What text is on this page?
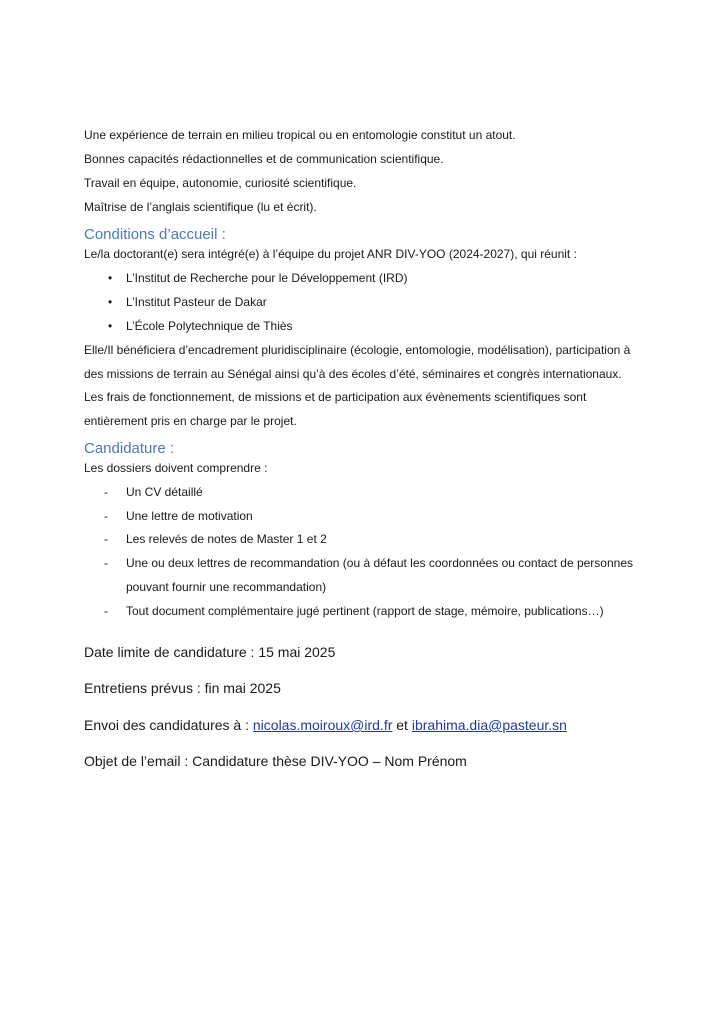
Une expérience de terrain en milieu tropical ou en entomologie constitut un atout.
Bonnes capacités rédactionnelles et de communication scientifique.
Travail en équipe, autonomie, curiosité scientifique.
Maîtrise de l’anglais scientifique (lu et écrit).
Conditions d’accueil :
Le/la doctorant(e) sera intégré(e) à l’équipe du projet ANR DIV-YOO (2024-2027), qui réunit :
• L’Institut de Recherche pour le Développement (IRD)
• L’Institut Pasteur de Dakar
• L’École Polytechnique de Thiès
Elle/Il bénéficiera d’encadrement pluridisciplinaire (écologie, entomologie, modélisation), participation à
des missions de terrain au Sénégal ainsi qu’à des écoles d’été, séminaires et congrès internationaux.
Les frais de fonctionnement, de missions et de participation aux évènements scientifiques sont
entièrement pris en charge par le projet.
Candidature :
Les dossiers doivent comprendre :
- Un CV détaillé
- Une lettre de motivation
- Les relevés de notes de Master 1 et 2
- Une ou deux lettres de recommandation (ou à défaut les coordonnées ou contact de personnes
pouvant fournir une recommandation)
- Tout document complémentaire jugé pertinent (rapport de stage, mémoire, publications…)
Date limite de candidature : 15 mai 2025
Entretiens prévus : fin mai 2025
Envoi des candidatures à : nicolas.moiroux@ird.fr et ibrahima.dia@pasteur.sn
Objet de l’email : Candidature thèse DIV-YOO – Nom Prénom
